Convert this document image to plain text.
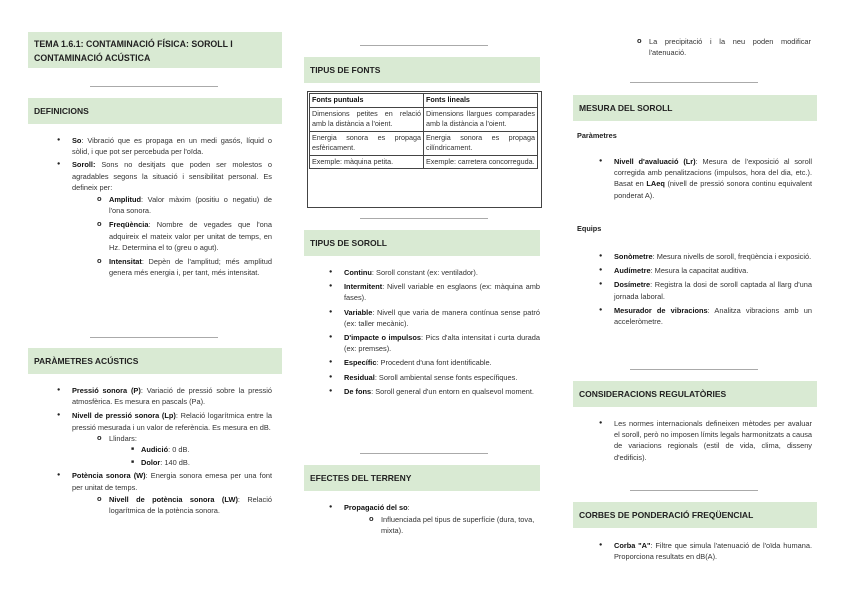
TEMA 1.6.1: CONTAMINACIÓ FÍSICA: SOROLL I CONTAMINACIÓ ACÚSTICA
DEFINICIONS
● So: Vibració que es propaga en un medi gasós, líquid o sòlid, i que pot ser percebuda per l'oïda.
● Soroll: Sons no desitjats que poden ser molestos o agradables segons la situació i sensibilitat personal. Es defineix per:
o Amplitud: Valor màxim (positiu o negatiu) de l'ona sonora.
o Freqüència: Nombre de vegades que l'ona adquireix el mateix valor per unitat de temps, en Hz. Determina el to (greu o agut).
o Intensitat: Depèn de l'amplitud; més amplitud genera més energia i, per tant, més intensitat.
PARÀMETRES ACÚSTICS
● Pressió sonora (P): Variació de pressió sobre la pressió atmosfèrica. Es mesura en pascals (Pa).
● Nivell de pressió sonora (Lp): Relació logarítmica entre la pressió mesurada i un valor de referència. Es mesura en dB.
o Llindars:
■ Audició: 0 dB.
■ Dolor: 140 dB.
● Potència sonora (W): Energia sonora emesa per una font per unitat de temps.
o Nivell de potència sonora (LW): Relació logarítmica de la potència sonora.
TIPUS DE FONTS
Fonts puntuals	Fonts lineals
Dimensions petites en relació amb la distància a l'oient.	Dimensions llargues comparades amb la distància a l'oient.
Energia sonora es propaga esfèricament.	Energia sonora es propaga cilíndricament.
Exemple: màquina petita.	Exemple: carretera concorreguda.
TIPUS DE SOROLL
● Continu: Soroll constant (ex: ventilador).
● Intermitent: Nivell variable en esglaons (ex: màquina amb fases).
● Variable: Nivell que varia de manera contínua sense patró (ex: taller mecànic).
● D'impacte o impulsos: Pics d'alta intensitat i curta durada (ex: premses).
● Específic: Procedent d'una font identificable.
● Residual: Soroll ambiental sense fonts específiques.
● De fons: Soroll general d'un entorn en qualsevol moment.
EFECTES DEL TERRENY
● Propagació del so:
o Influenciada pel tipus de superfície (dura, tova, mixta).
o La precipitació i la neu poden modificar l'atenuació.
MESURA DEL SOROLL
Paràmetres
● Nivell d'avaluació (Lr): Mesura de l'exposició al soroll corregida amb penalitzacions (impulsos, hora del dia, etc.). Basat en LAeq (nivell de pressió sonora continu equivalent ponderat A).
Equips
● Sonòmetre: Mesura nivells de soroll, freqüència i exposició.
● Audímetre: Mesura la capacitat auditiva.
● Dosímetre: Registra la dosi de soroll captada al llarg d'una jornada laboral.
● Mesurador de vibracions: Analitza vibracions amb un acceleròmetre.
CONSIDERACIONS REGULATÒRIES
● Les normes internacionals defineixen mètodes per avaluar el soroll, però no imposen límits legals harmonitzats a causa de variacions regionals (estil de vida, clima, disseny d'edificis).
CORBES DE PONDERACIÓ FREQÜENCIAL
● Corba "A": Filtre que simula l'atenuació de l'oïda humana. Proporciona resultats en dB(A).
